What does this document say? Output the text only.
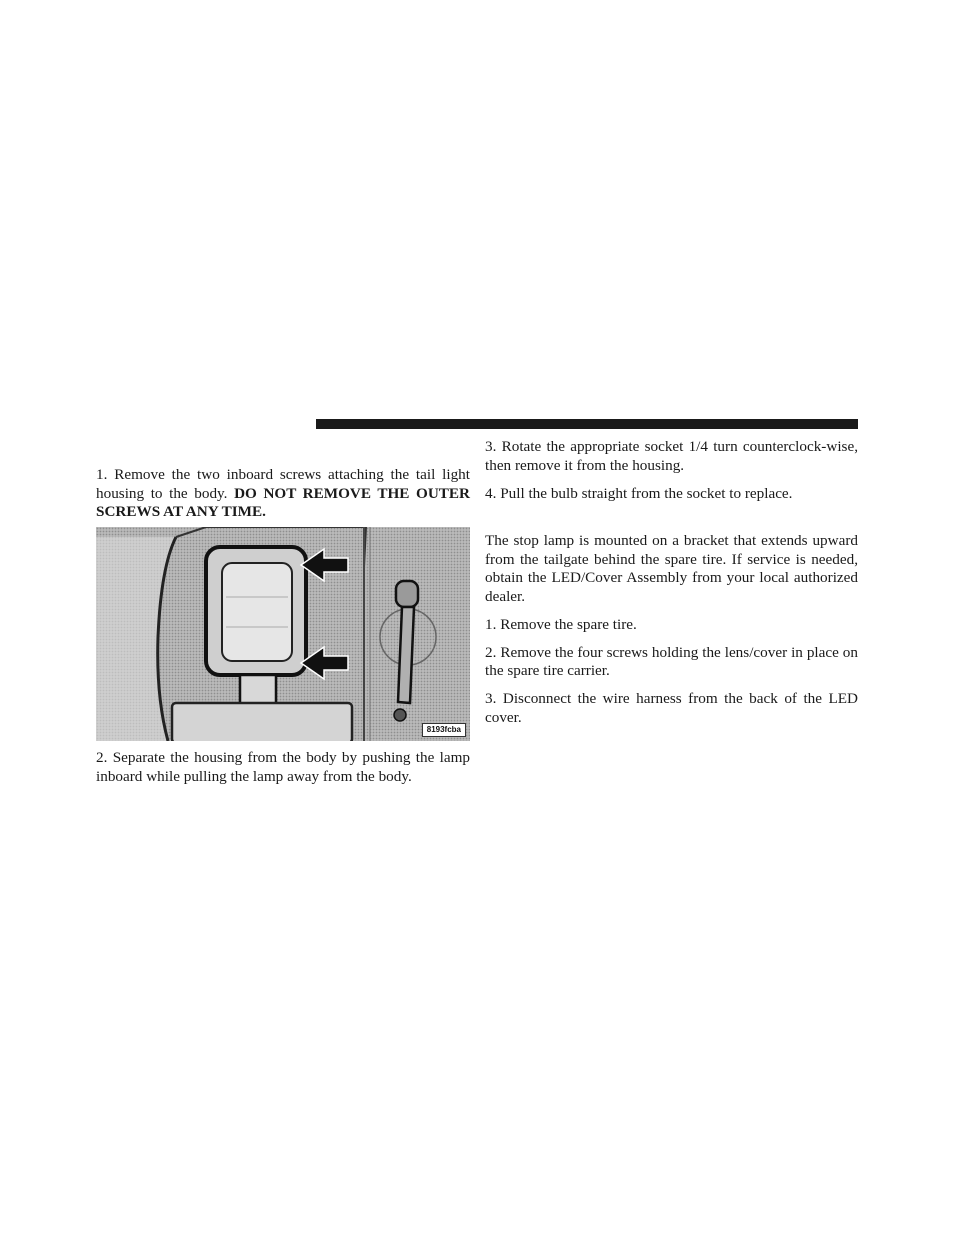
1. Remove the two inboard screws attaching the tail light housing to the body. DO NOT REMOVE THE OUTER SCREWS AT ANY TIME.

8193fcba
2. Separate the housing from the body by pushing the lamp inboard while pulling the lamp away from the body.

3. Rotate the appropriate socket 1/4 turn counterclock-wise, then remove it from the housing.

4. Pull the bulb straight from the socket to replace.

The stop lamp is mounted on a bracket that extends upward from the tailgate behind the spare tire. If service is needed, obtain the LED/Cover Assembly from your local authorized dealer.

1. Remove the spare tire.

2. Remove the four screws holding the lens/cover in place on the spare tire carrier.

3. Disconnect the wire harness from the back of the LED cover.
